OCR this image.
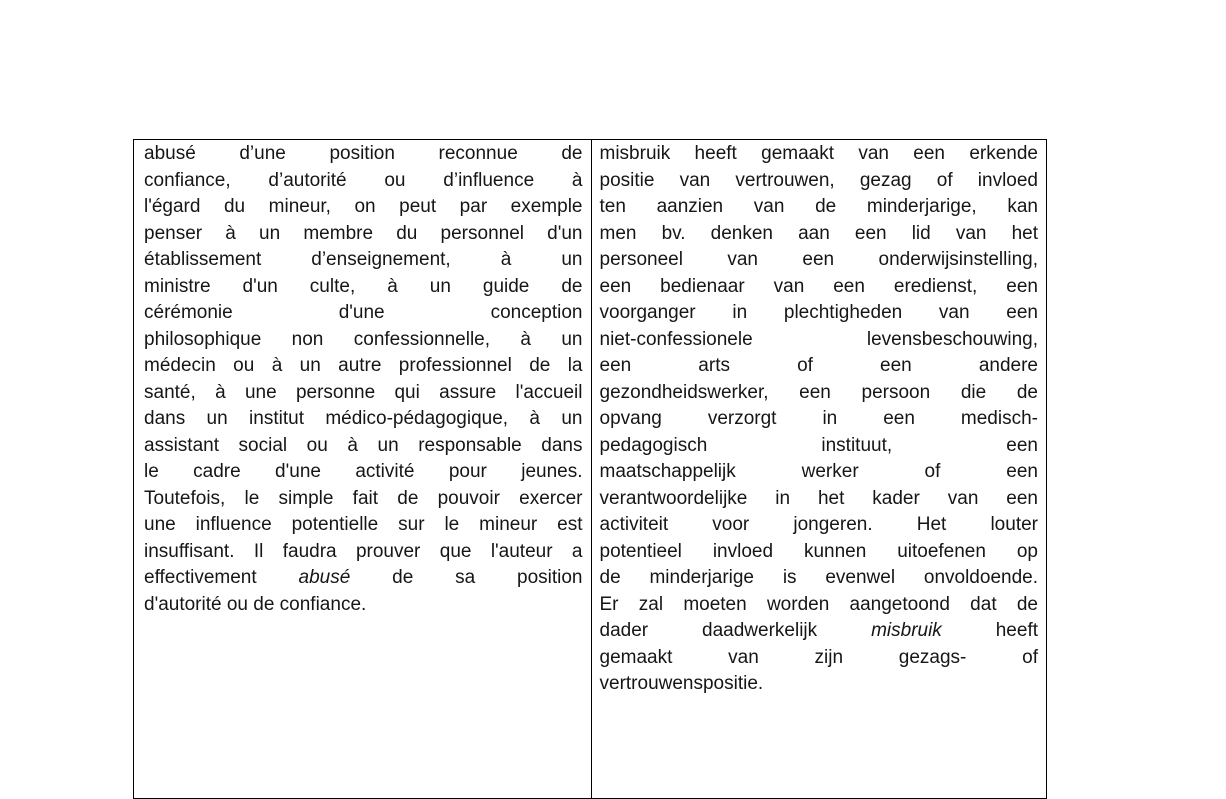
abusé d’une position reconnue de
confiance, d’autorité ou d’influence à
l'égard du mineur, on peut par exemple
penser à un membre du personnel d'un
établissement d’enseignement, à un
ministre d'un culte, à un guide de
cérémonie d'une conception
philosophique non confessionnelle, à un
médecin ou à un autre professionnel de la
santé, à une personne qui assure l'accueil
dans un institut médico-pédagogique, à un
assistant social ou à un responsable dans
le cadre d'une activité pour jeunes.
Toutefois, le simple fait de pouvoir exercer
une influence potentielle sur le mineur est
insuffisant. Il faudra prouver que l'auteur a
effectivement abusé de sa position
d'autorité ou de confiance.
misbruik heeft gemaakt van een erkende
positie van vertrouwen, gezag of invloed
ten aanzien van de minderjarige, kan
men bv. denken aan een lid van het
personeel van een onderwijsinstelling,
een bedienaar van een eredienst, een
voorganger in plechtigheden van een
niet-confessionele levensbeschouwing,
een arts of een andere
gezondheidswerker, een persoon die de
opvang verzorgt in een medisch-
pedagogisch instituut, een
maatschappelijk werker of een
verantwoordelijke in het kader van een
activiteit voor jongeren. Het louter
potentieel invloed kunnen uitoefenen op
de minderjarige is evenwel onvoldoende.
Er zal moeten worden aangetoond dat de
dader daadwerkelijk misbruik heeft
gemaakt van zijn gezags- of
vertrouwenspositie.
